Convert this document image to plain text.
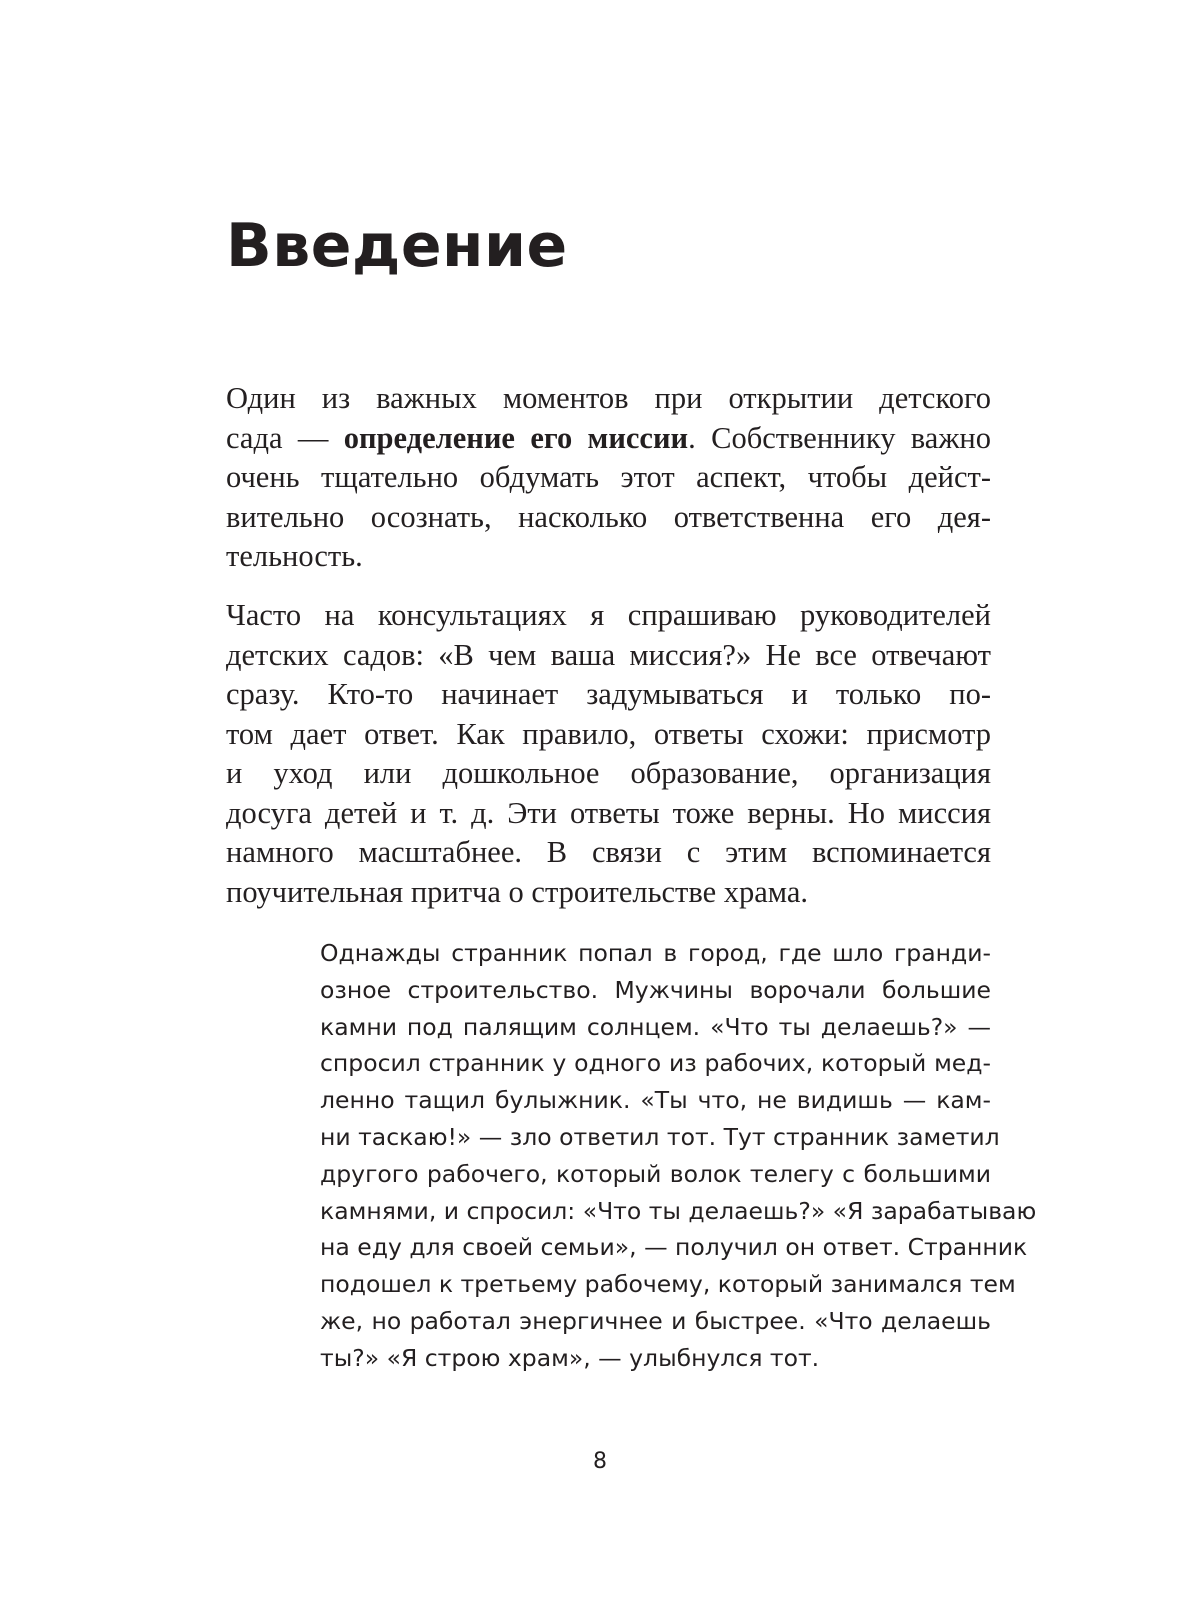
Введение
Один из важных моментов при открытии детского
сада — определение его миссии. Собственнику важно
очень тщательно обдумать этот аспект, чтобы дейст-
вительно осознать, насколько ответственна его дея-
тельность.
Часто на консультациях я спрашиваю руководителей
детских садов: «В чем ваша миссия?» Не все отвечают
сразу. Кто-то начинает задумываться и только по-
том дает ответ. Как правило, ответы схожи: присмотр
и уход или дошкольное образование, организация
досуга детей и т. д. Эти ответы тоже верны. Но миссия
намного масштабнее. В связи с этим вспоминается
поучительная притча о строительстве храма.
Однажды странник попал в город, где шло гранди-
озное строительство. Мужчины ворочали большие
камни под палящим солнцем. «Что ты делаешь?» —
спросил странник у одного из рабочих, который мед-
ленно тащил булыжник. «Ты что, не видишь — кам-
ни таскаю!» — зло ответил тот. Тут странник заметил
другого рабочего, который волок телегу с большими
камнями, и спросил: «Что ты делаешь?» «Я зарабатываю
на еду для своей семьи», — получил он ответ. Странник
подошел к третьему рабочему, который занимался тем
же, но работал энергичнее и быстрее. «Что делаешь
ты?» «Я строю храм», — улыбнулся тот.
8
